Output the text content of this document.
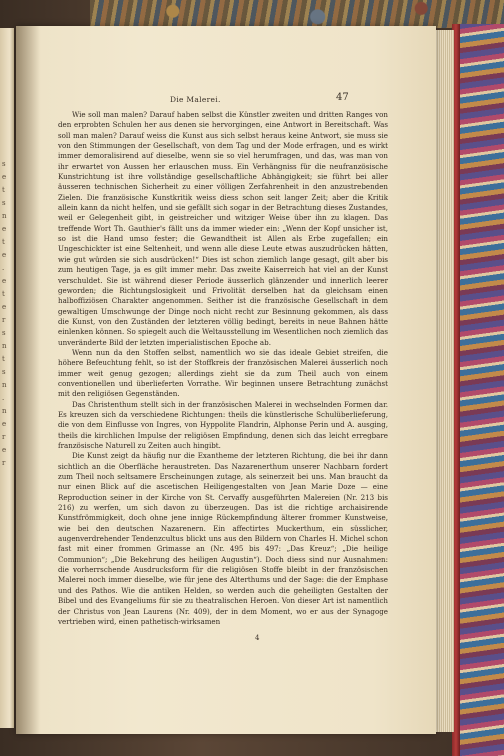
s
e
t
s
n
e
t
e
.
e
t
e
r
s
n
t
s
n
.
n
e
r
e
r
Die Malerei.	47

Wie soll man malen? Darauf haben selbst die Künstler zweiten und dritten Ranges von den erprobten Schulen her aus denen sie hervorgingen, eine Antwort in Bereitschaft. Was soll man malen? Darauf weiss die Kunst aus sich selbst heraus keine Antwort, sie muss sie von den Stimmungen der Gesellschaft, von dem Tag und der Mode erfragen, und es wirkt immer demoralisirend auf dieselbe, wenn sie so viel herumfragen, und das, was man von ihr erwartet von Aussen her erlauschen muss. Ein Verhängniss für die neufranzösische Kunstrichtung ist ihre vollständige gesellschaftliche Abhängigkeit; sie führt bei aller äusseren technischen Sicherheit zu einer völligen Zerfahrenheit in den anzustrebenden Zielen. Die französische Kunstkritik weiss diess schon seit langer Zeit; aber die Kritik allein kann da nicht helfen, und sie gefällt sich sogar in der Betrachtung dieses Zustandes, weil er Gelegenheit gibt, in geistreicher und witziger Weise über ihn zu klagen. Das treffende Wort Th. Gauthier's fällt uns da immer wieder ein: „Wenn der Kopf unsicher ist, so ist die Hand umso fester; die Gewandtheit ist Allen als Erbe zugefallen; ein Ungeschickter ist eine Seltenheit, und wenn alle diese Leute etwas auszudrücken hätten, wie gut würden sie sich ausdrücken!“ Dies ist schon ziemlich lange gesagt, gilt aber bis zum heutigen Tage, ja es gilt immer mehr. Das zweite Kaiserreich hat viel an der Kunst verschuldet. Sie ist während dieser Periode äusserlich glänzender und innerlich leerer geworden; die Richtungslosigkeit und Frivolität derselben hat da gleichsam einen halboffiziösen Charakter angenommen. Seither ist die französische Gesellschaft in dem gewaltigen Umschwunge der Dinge noch nicht recht zur Besinnung gekommen, als dass die Kunst, von den Zuständen der letzteren völlig bedingt, bereits in neue Bahnen hätte einlenken können. So spiegelt auch die Weltausstellung im Wesentlichen noch ziemlich das unveränderte Bild der letzten imperialistischen Epoche ab.

Wenn nun da den Stoffen selbst, namentlich wo sie das ideale Gebiet streifen, die höhere Befeuchtung fehlt, so ist der Stoffkreis der französischen Malerei äusserlich noch immer weit genug gezogen; allerdings zieht sie da zum Theil auch von einem conventionellen und überlieferten Vorrathe. Wir beginnen unsere Betrachtung zunächst mit den religiösen Gegenständen.

Das Christenthum stellt sich in der französischen Malerei in wechselnden Formen dar. Es kreuzen sich da verschiedene Richtungen: theils die künstlerische Schulüberlieferung, die von dem Einflusse von Ingres, von Hyppolite Flandrin, Alphonse Perin und A. ausging, theils die kirchlichen Impulse der religiösen Empfindung, denen sich das leicht erregbare französische Naturell zu Zeiten auch hingibt.

Die Kunst zeigt da häufig nur die Exantheme der letzteren Richtung, die bei ihr dann sichtlich an die Oberfläche heraustreten. Das Nazarenerthum unserer Nachbarn fordert zum Theil noch seltsamere Erscheinungen zutage, als seinerzeit bei uns. Man braucht da nur einen Blick auf die ascetischen Heiligengestalten von Jean Marie Doze — eine Reproduction seiner in der Kirche von St. Cervaffy ausgeführten Malereien (Nr. 213 bis 216) zu werfen, um sich davon zu überzeugen. Das ist die richtige archaisirende Kunstfrömmigkeit, doch ohne jene innige Rückempfindung älterer frommer Kunstweise, wie bei den deutschen Nazarenern. Ein affectirtes Muckerthum, ein süsslicher, augenverdrehender Tendenzcultus blickt uns aus den Bildern von Charles H. Michel schon fast mit einer frommen Grimasse an (Nr. 495 bis 497: „Das Kreuz“; „Die heilige Communion“; „Die Bekehrung des heiligen Augustin“). Doch diess sind nur Ausnahmen: die vorherrschende Ausdrucksform für die religiösen Stoffe bleibt in der französischen Malerei noch immer dieselbe, wie für jene des Alterthums und der Sage: die der Emphase und des Pathos. Wie die antiken Helden, so werden auch die geheiligten Gestalten der Bibel und des Evangeliums für sie zu theatralischen Heroen. Von dieser Art ist namentlich der Christus von Jean Laurens (Nr. 409), der in dem Moment, wo er aus der Synagoge vertrieben wird, einen pathetisch-wirksamen

4
